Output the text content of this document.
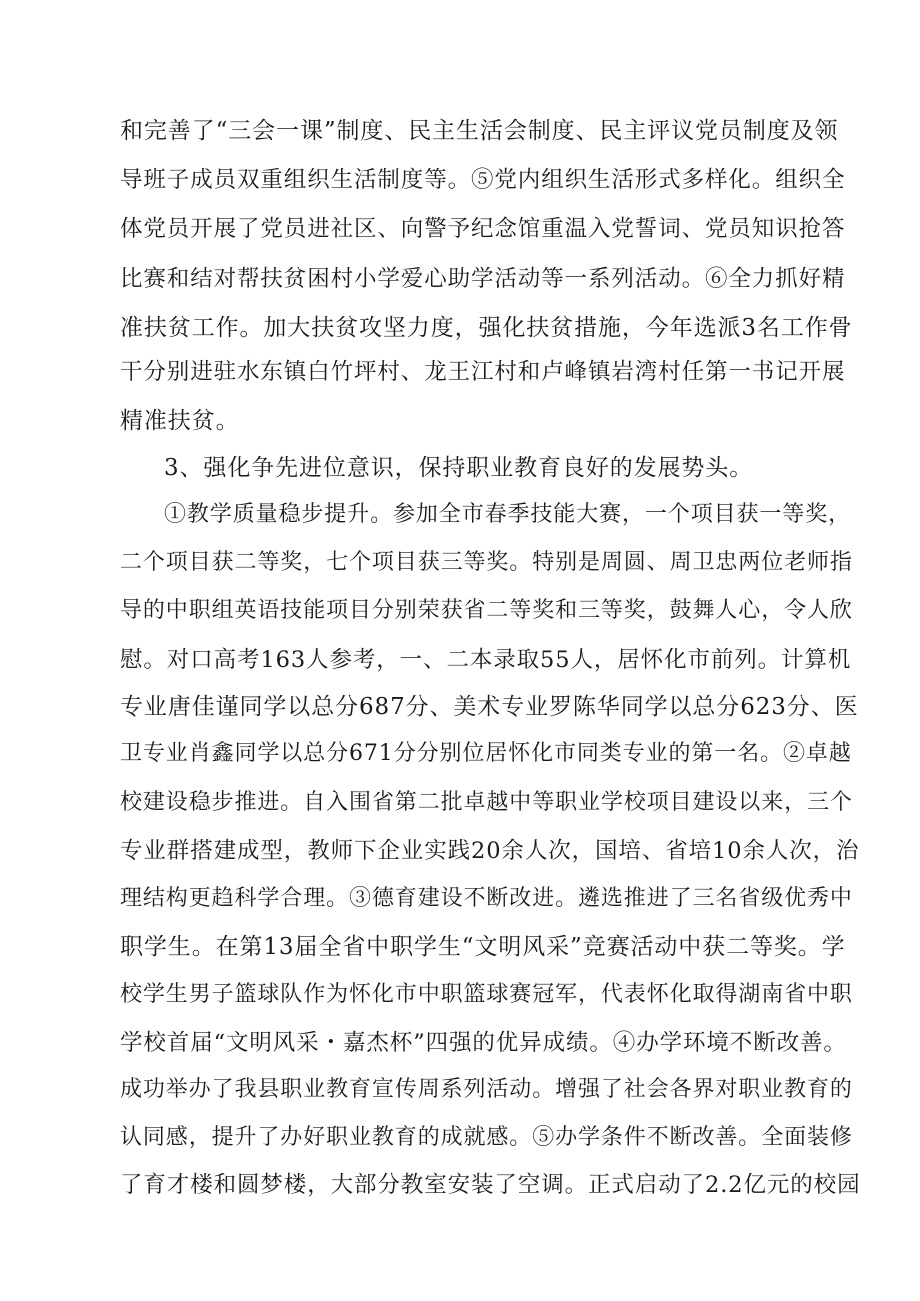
和完善了“三会一课”制度、民主生活会制度、民主评议党员制度及领
导班子成员双重组织生活制度等。⑤党内组织生活形式多样化。组织全
体党员开展了党员进社区、向警予纪念馆重温入党誓词、党员知识抢答
比赛和结对帮扶贫困村小学爱心助学活动等一系列活动。⑥全力抓好精
准扶贫工作。加大扶贫攻坚力度，强化扶贫措施，今年选派3名工作骨
干分别进驻水东镇白竹坪村、龙王江村和卢峰镇岩湾村任第一书记开展
精准扶贫。
3、强化争先进位意识，保持职业教育良好的发展势头。
①教学质量稳步提升。参加全市春季技能大赛，一个项目获一等奖，
二个项目获二等奖，七个项目获三等奖。特别是周圆、周卫忠两位老师指
导的中职组英语技能项目分别荣获省二等奖和三等奖，鼓舞人心，令人欣
慰。对口高考163人参考，一、二本录取55人，居怀化市前列。计算机
专业唐佳谨同学以总分687分、美术专业罗陈华同学以总分623分、医
卫专业肖鑫同学以总分671分分别位居怀化市同类专业的第一名。②卓越
校建设稳步推进。自入围省第二批卓越中等职业学校项目建设以来，三个
专业群搭建成型，教师下企业实践20余人次，国培、省培10余人次，治
理结构更趋科学合理。③德育建设不断改进。遴选推进了三名省级优秀中
职学生。在第13届全省中职学生“文明风采”竞赛活动中获二等奖。学
校学生男子篮球队作为怀化市中职篮球赛冠军，代表怀化取得湖南省中职
学校首届“文明风采・嘉杰杯”四强的优异成绩。④办学环境不断改善。
成功举办了我县职业教育宣传周系列活动。增强了社会各界对职业教育的
认同感，提升了办好职业教育的成就感。⑤办学条件不断改善。全面装修
了育才楼和圆梦楼，大部分教室安装了空调。正式启动了2.2亿元的校园
